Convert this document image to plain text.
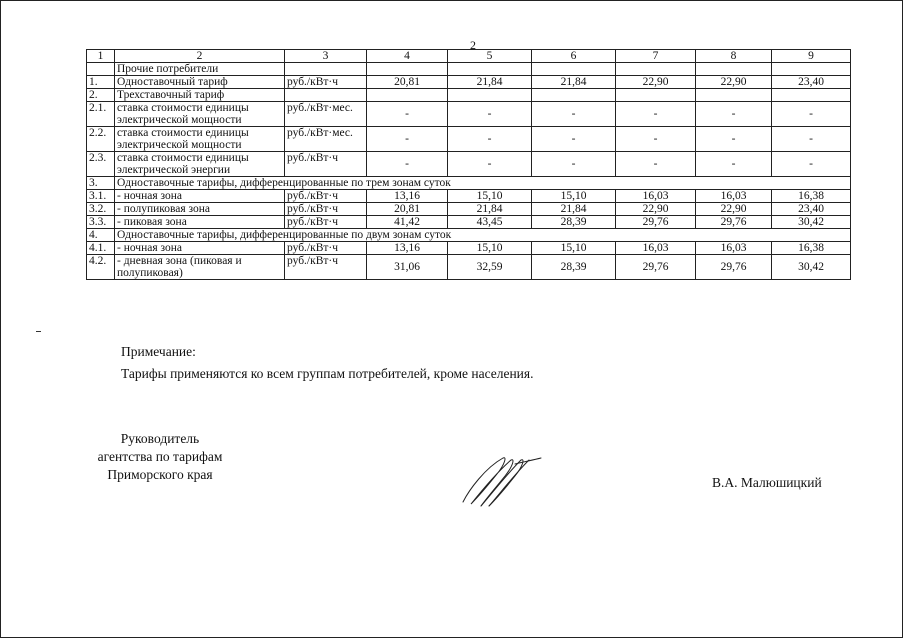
2
1	2	3	4	5	6	7	8	9
	Прочие потребители							
1.	Одноставочный тариф	руб./кВт·ч	20,81	21,84	21,84	22,90	22,90	23,40
2.	Трехставочный тариф							
2.1.	ставка стоимости единицы электрической мощности	руб./кВт·мес.	-	-	-	-	-	-
2.2.	ставка стоимости единицы электрической мощности	руб./кВт·мес.	-	-	-	-	-	-
2.3.	ставка стоимости единицы электрической энергии	руб./кВт·ч	-	-	-	-	-	-
3.	Одноставочные тарифы, дифференцированные по трем зонам суток							
3.1.	- ночная зона	руб./кВт·ч	13,16	15,10	15,10	16,03	16,03	16,38
3.2.	- полупиковая зона	руб./кВт·ч	20,81	21,84	21,84	22,90	22,90	23,40
3.3.	- пиковая зона	руб./кВт·ч	41,42	43,45	28,39	29,76	29,76	30,42
4.	Одноставочные тарифы, дифференцированные по двум зонам суток							
4.1.	- ночная зона	руб./кВт·ч	13,16	15,10	15,10	16,03	16,03	16,38
4.2.	- дневная зона (пиковая и полупиковая)	руб./кВт·ч	31,06	32,59	28,39	29,76	29,76	30,42
Примечание:
Тарифы применяются ко всем группам потребителей, кроме населения.
Руководитель
агентства по тарифам
Приморского края
В.А. Малюшицкий
